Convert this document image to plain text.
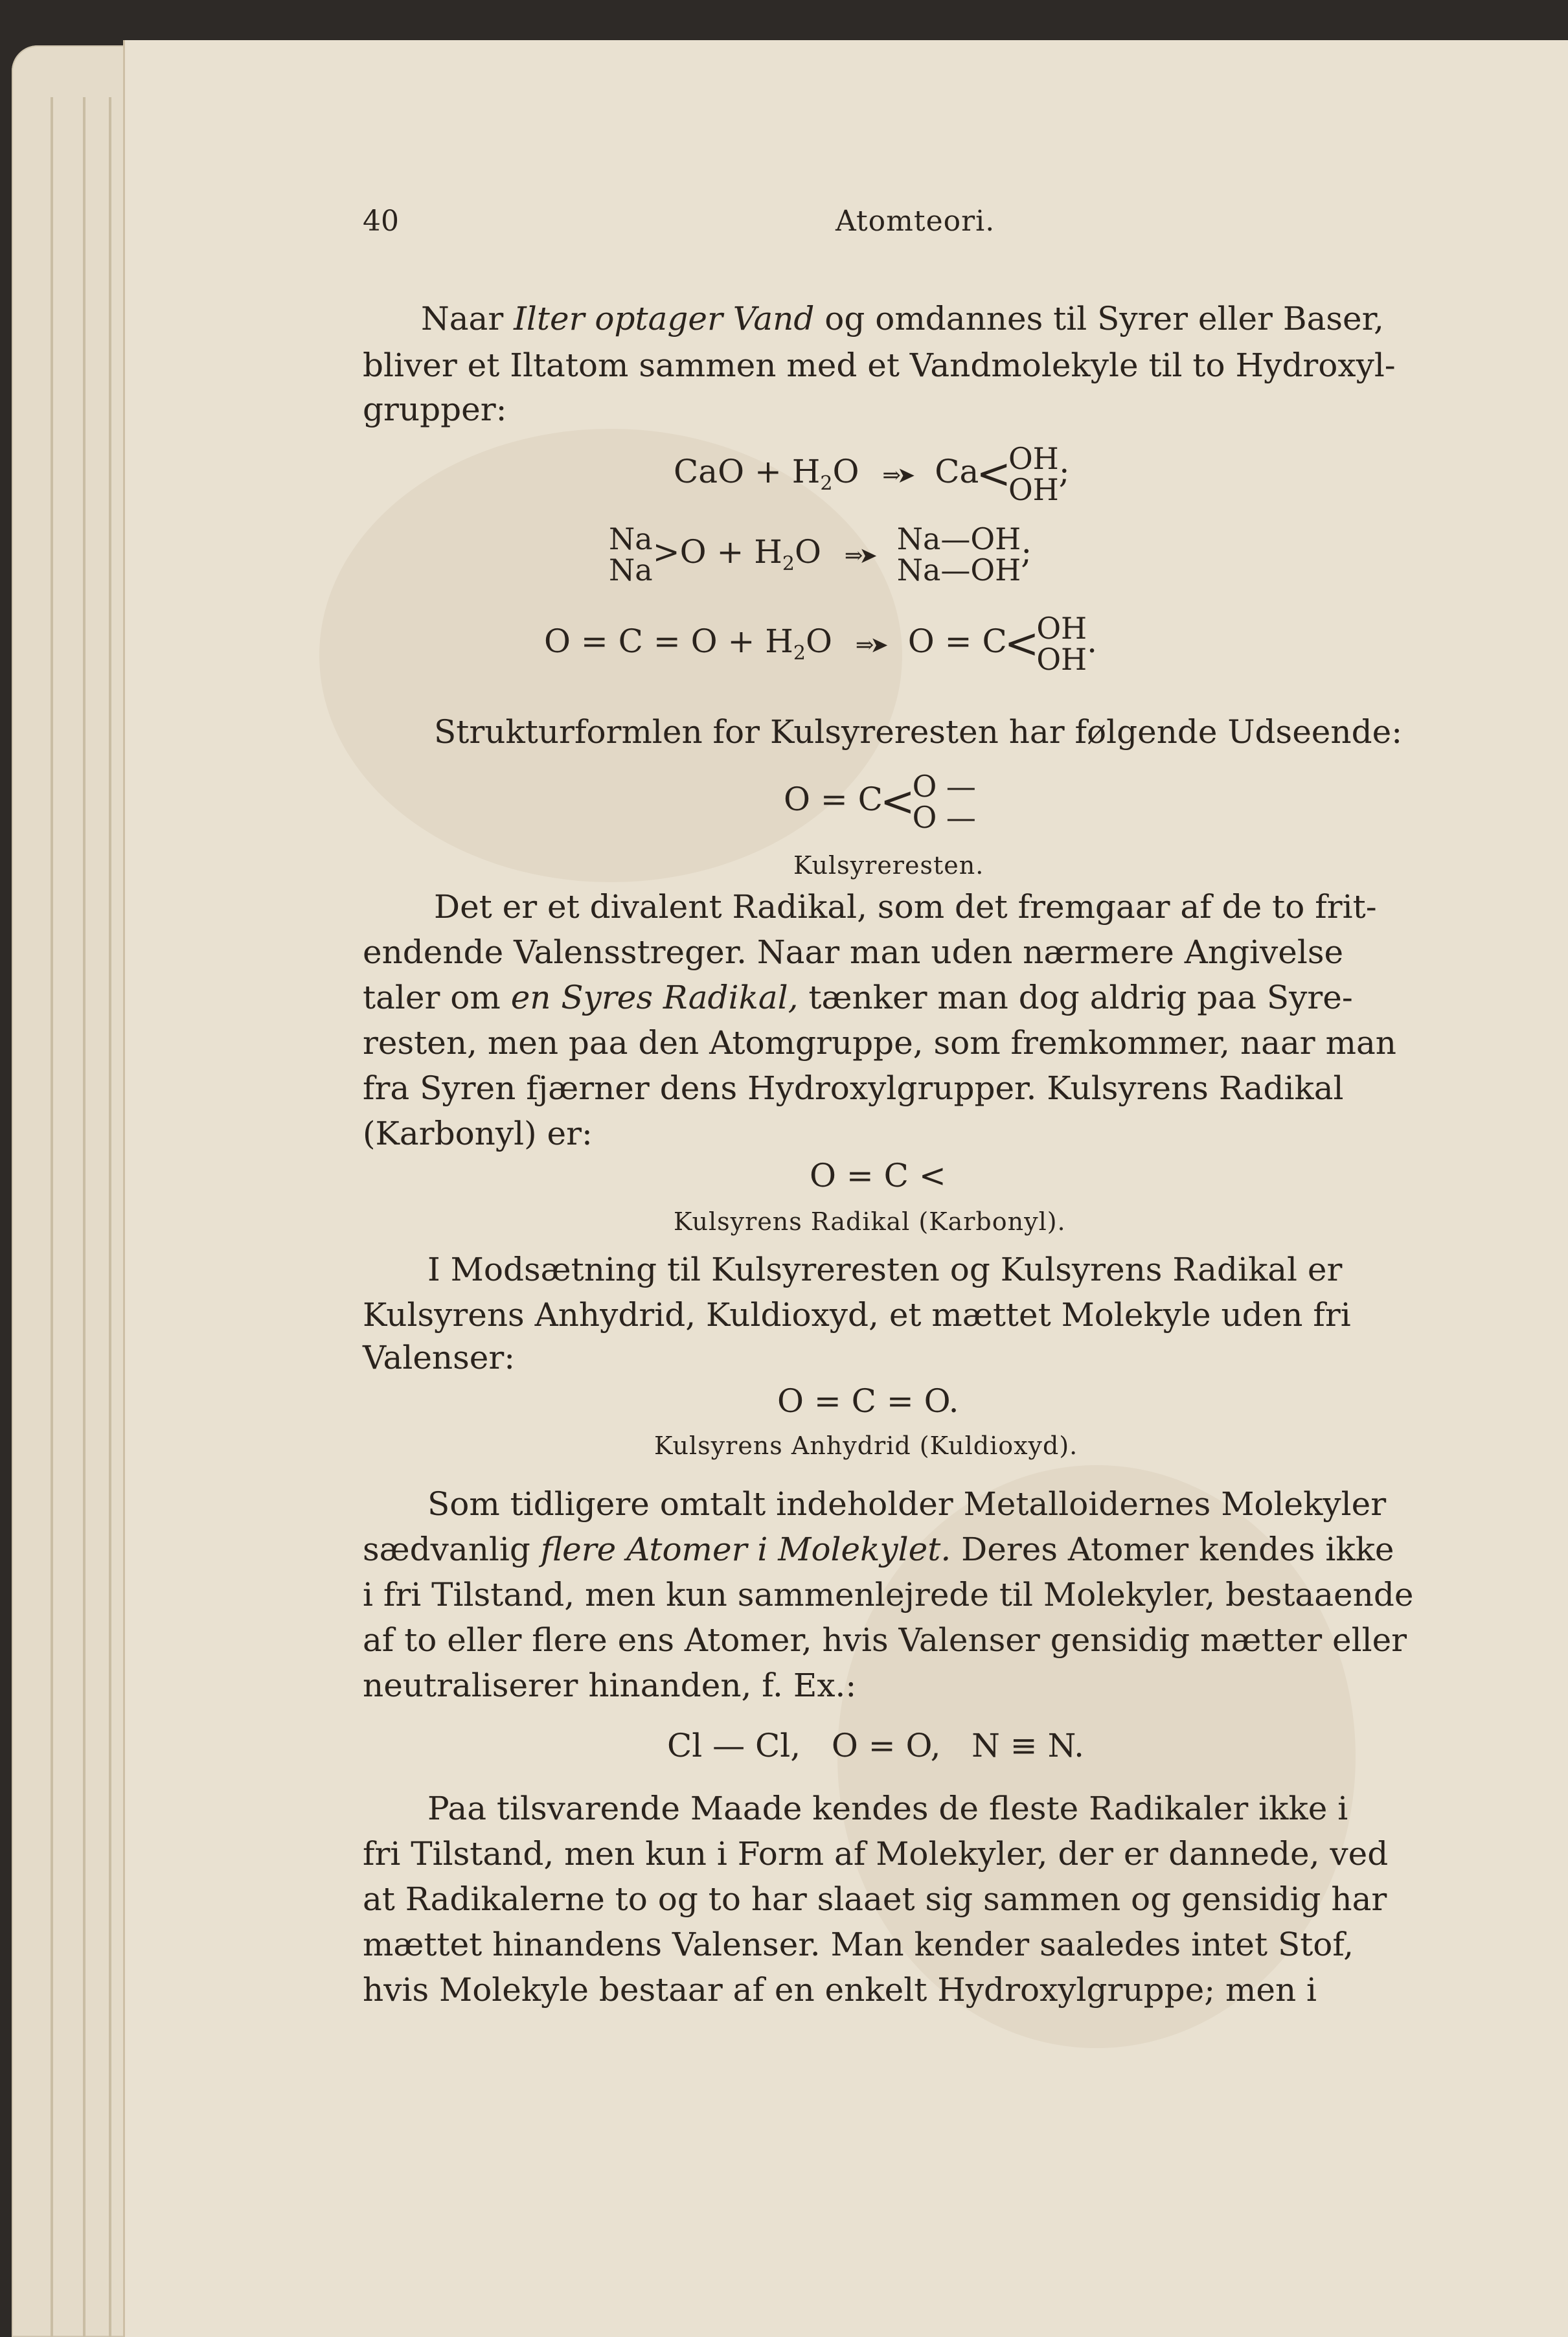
40	Atomteori.
Naar Ilter optager Vand og omdannes til Syrer eller Baser,
bliver et Iltatom sammen med et Vandmolekyle til to Hydroxyl-
grupper:
CaO + $H_2O$ ⇒➤ Ca<OH
OH;
Na
$Na>O + H_2O$ ⇒➤ Na—OH
Na—OH;
$O = C = O + H_2O$ ⇒➤ O = C<OH
OH.
Strukturformlen for Kulsyreresten har følgende Udseende:
O = C<O —
O —
Kulsyreresten.
Det er et divalent Radikal, som det fremgaar af de to frit-
endende Valensstreger. Naar man uden nærmere Angivelse
taler om en Syres Radikal, tænker man dog aldrig paa Syre-
resten, men paa den Atomgruppe, som fremkommer, naar man
fra Syren fjærner dens Hydroxylgrupper. Kulsyrens Radikal
(Karbonyl) er:
O = C <
Kulsyrens Radikal (Karbonyl).
I Modsætning til Kulsyreresten og Kulsyrens Radikal er
Kulsyrens Anhydrid, Kuldioxyd, et mættet Molekyle uden fri
Valenser:
O = C = O.
Kulsyrens Anhydrid (Kuldioxyd).
Som tidligere omtalt indeholder Metalloidernes Molekyler
sædvanlig flere Atomer i Molekylet. Deres Atomer kendes ikke
i fri Tilstand, men kun sammenlejrede til Molekyler, bestaaende
af to eller flere ens Atomer, hvis Valenser gensidig mætter eller
neutraliserer hinanden, f. Ex.:
Cl — Cl,   O = O,   N ≡ N.
Paa tilsvarende Maade kendes de fleste Radikaler ikke i
fri Tilstand, men kun i Form af Molekyler, der er dannede, ved
at Radikalerne to og to har slaaet sig sammen og gensidig har
mættet hinandens Valenser. Man kender saaledes intet Stof,
hvis Molekyle bestaar af en enkelt Hydroxylgruppe; men i
